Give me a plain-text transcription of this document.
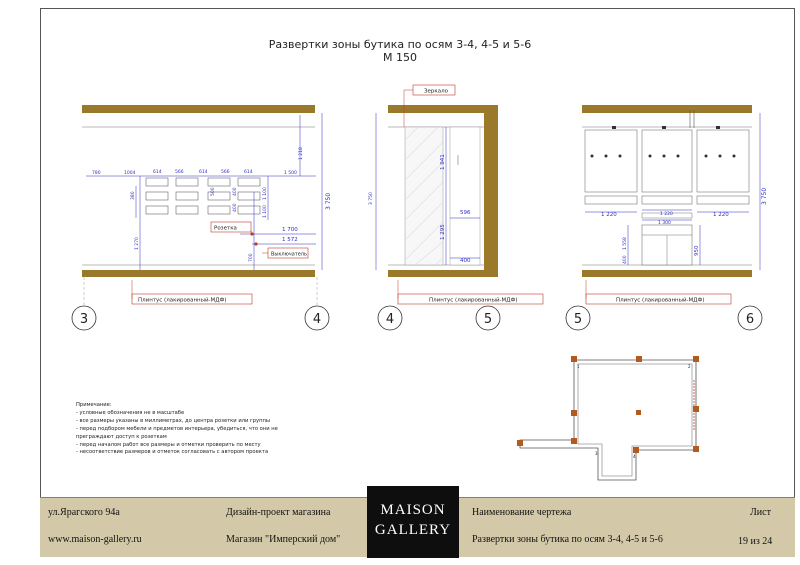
Развертки зоны бутика по осям 3-4, 4-5 и 5-6
М 150
614	566	614	566	614
780	1004	1 500
1 218
3 750
1 700
1 572
1 270
700
1 100
1 100
380	500	400
400
Розетка
Выключатель
Плинтус (лакированный-МДФ)
3	4
1 941
1 295
596
400
3 750
Зеркало
Плинтус (лакированный-МДФ)
4	5
1 220	1 220	1 220
1 300
950
1 558
400
3 750
Плинтус (лакированный-МДФ)
5	6
1	2
3
4
Примечание:
- условные обозначения не в масштабе
- все размеры указаны в миллиметрах, до центра розетки или группы
- перед подбором мебели и предметов интерьера, убедиться, что они не
преграждают доступ к розеткам
- перед началом работ все размеры и отметки проверить по месту
- несоответствие размеров и отметок согласовать с автором проекта
ул.Ярагского 94а
www.maison-gallery.ru
Дизайн-проект магазина
Магазин "Имперский дом"
MAISON
GALLERY
Наименование чертежа
Развертки зоны бутика по осям 3-4, 4-5 и 5-6
Лист
19 из 24
